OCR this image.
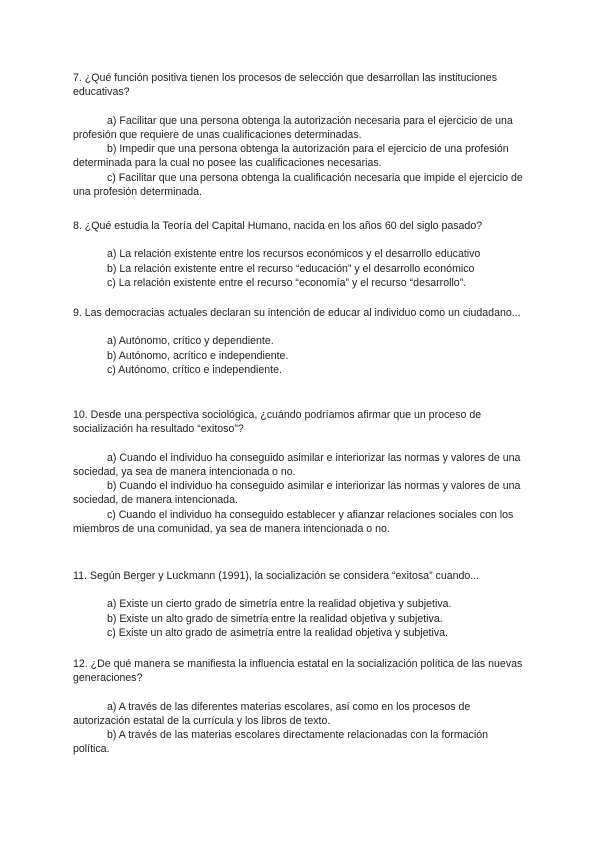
7. ¿Qué función positiva tienen los procesos de selección que desarrollan las instituciones educativas?

a) Facilitar que una persona obtenga la autorización necesaria para el ejercicio de una profesión que requiere de unas cualificaciones determinadas.

b) Impedir que una persona obtenga la autorización para el ejercicio de una profesión determinada para la cual no posee las cualificaciones necesarias.

c) Facilitar que una persona obtenga la cualificación necesaria que impide el ejercicio de una profesión determinada.

8. ¿Qué estudia la Teoría del Capital Humano, nacida en los años 60 del siglo pasado?

a) La relación existente entre los recursos económicos y el desarrollo educativo

b) La relación existente entre el recurso “educación” y el desarrollo económico

c) La relación existente entre el recurso “economía” y el recurso “desarrollo”.

9. Las democracias actuales declaran su intención de educar al individuo como un ciudadano...

a) Autónomo, crítico y dependiente.

b) Autónomo, acrítico e independiente.

c) Autónomo, crítico e independiente.

10. Desde una perspectiva sociológica, ¿cuándo podríamos afirmar que un proceso de socialización ha resultado “exitoso”?

a) Cuando el individuo ha conseguido asimilar e interiorizar las normas y valores de una sociedad, ya sea de manera intencionada o no.

b) Cuando el individuo ha conseguido asimilar e interiorizar las normas y valores de una sociedad, de manera intencionada.

c) Cuando el individuo ha conseguido establecer y afianzar relaciones sociales con los miembros de una comunidad, ya sea de manera intencionada o no.

11. Según Berger y Luckmann (1991), la socialización se considera “exitosa” cuando...

a) Existe un cierto grado de simetría entre la realidad objetiva y subjetiva.

b) Existe un alto grado de simetría entre la realidad objetiva y subjetiva.

c) Existe un alto grado de asimetría entre la realidad objetiva y subjetiva.

12. ¿De qué manera se manifiesta la influencia estatal en la socialización política de las nuevas generaciones?

a) A través de las diferentes materias escolares, así como en los procesos de autorización estatal de la currícula y los libros de texto.

b) A través de las materias escolares directamente relacionadas con la formación política.
